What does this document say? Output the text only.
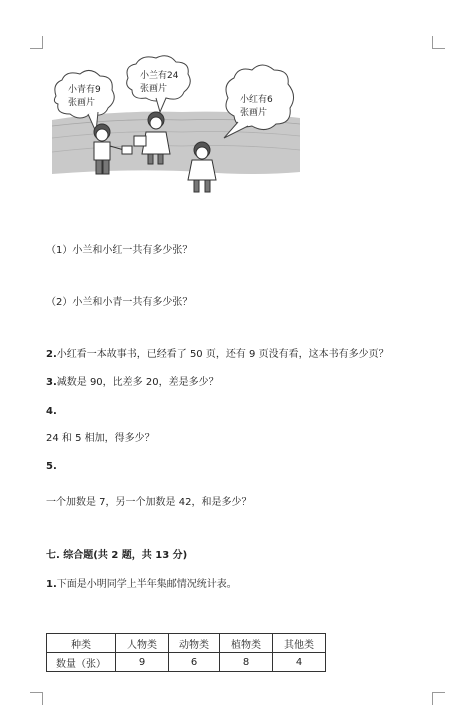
小青有9
张画片
小兰有24
张画片
小红有6
张画片
（1）小兰和小红一共有多少张？
（2）小兰和小青一共有多少张？
2.小红看一本故事书，已经看了 50 页，还有 9 页没有看，这本书有多少页？
3.减数是 90，比差多 20，差是多少？
4.
24 和 5 相加，得多少？
5.
一个加数是 7，另一个加数是 42，和是多少？
七. 综合题(共 2 题，共 13 分)
1.下面是小明同学上半年集邮情况统计表。
种类	人物类	动物类	植物类	其他类
数量（张）	9	6	8	4
